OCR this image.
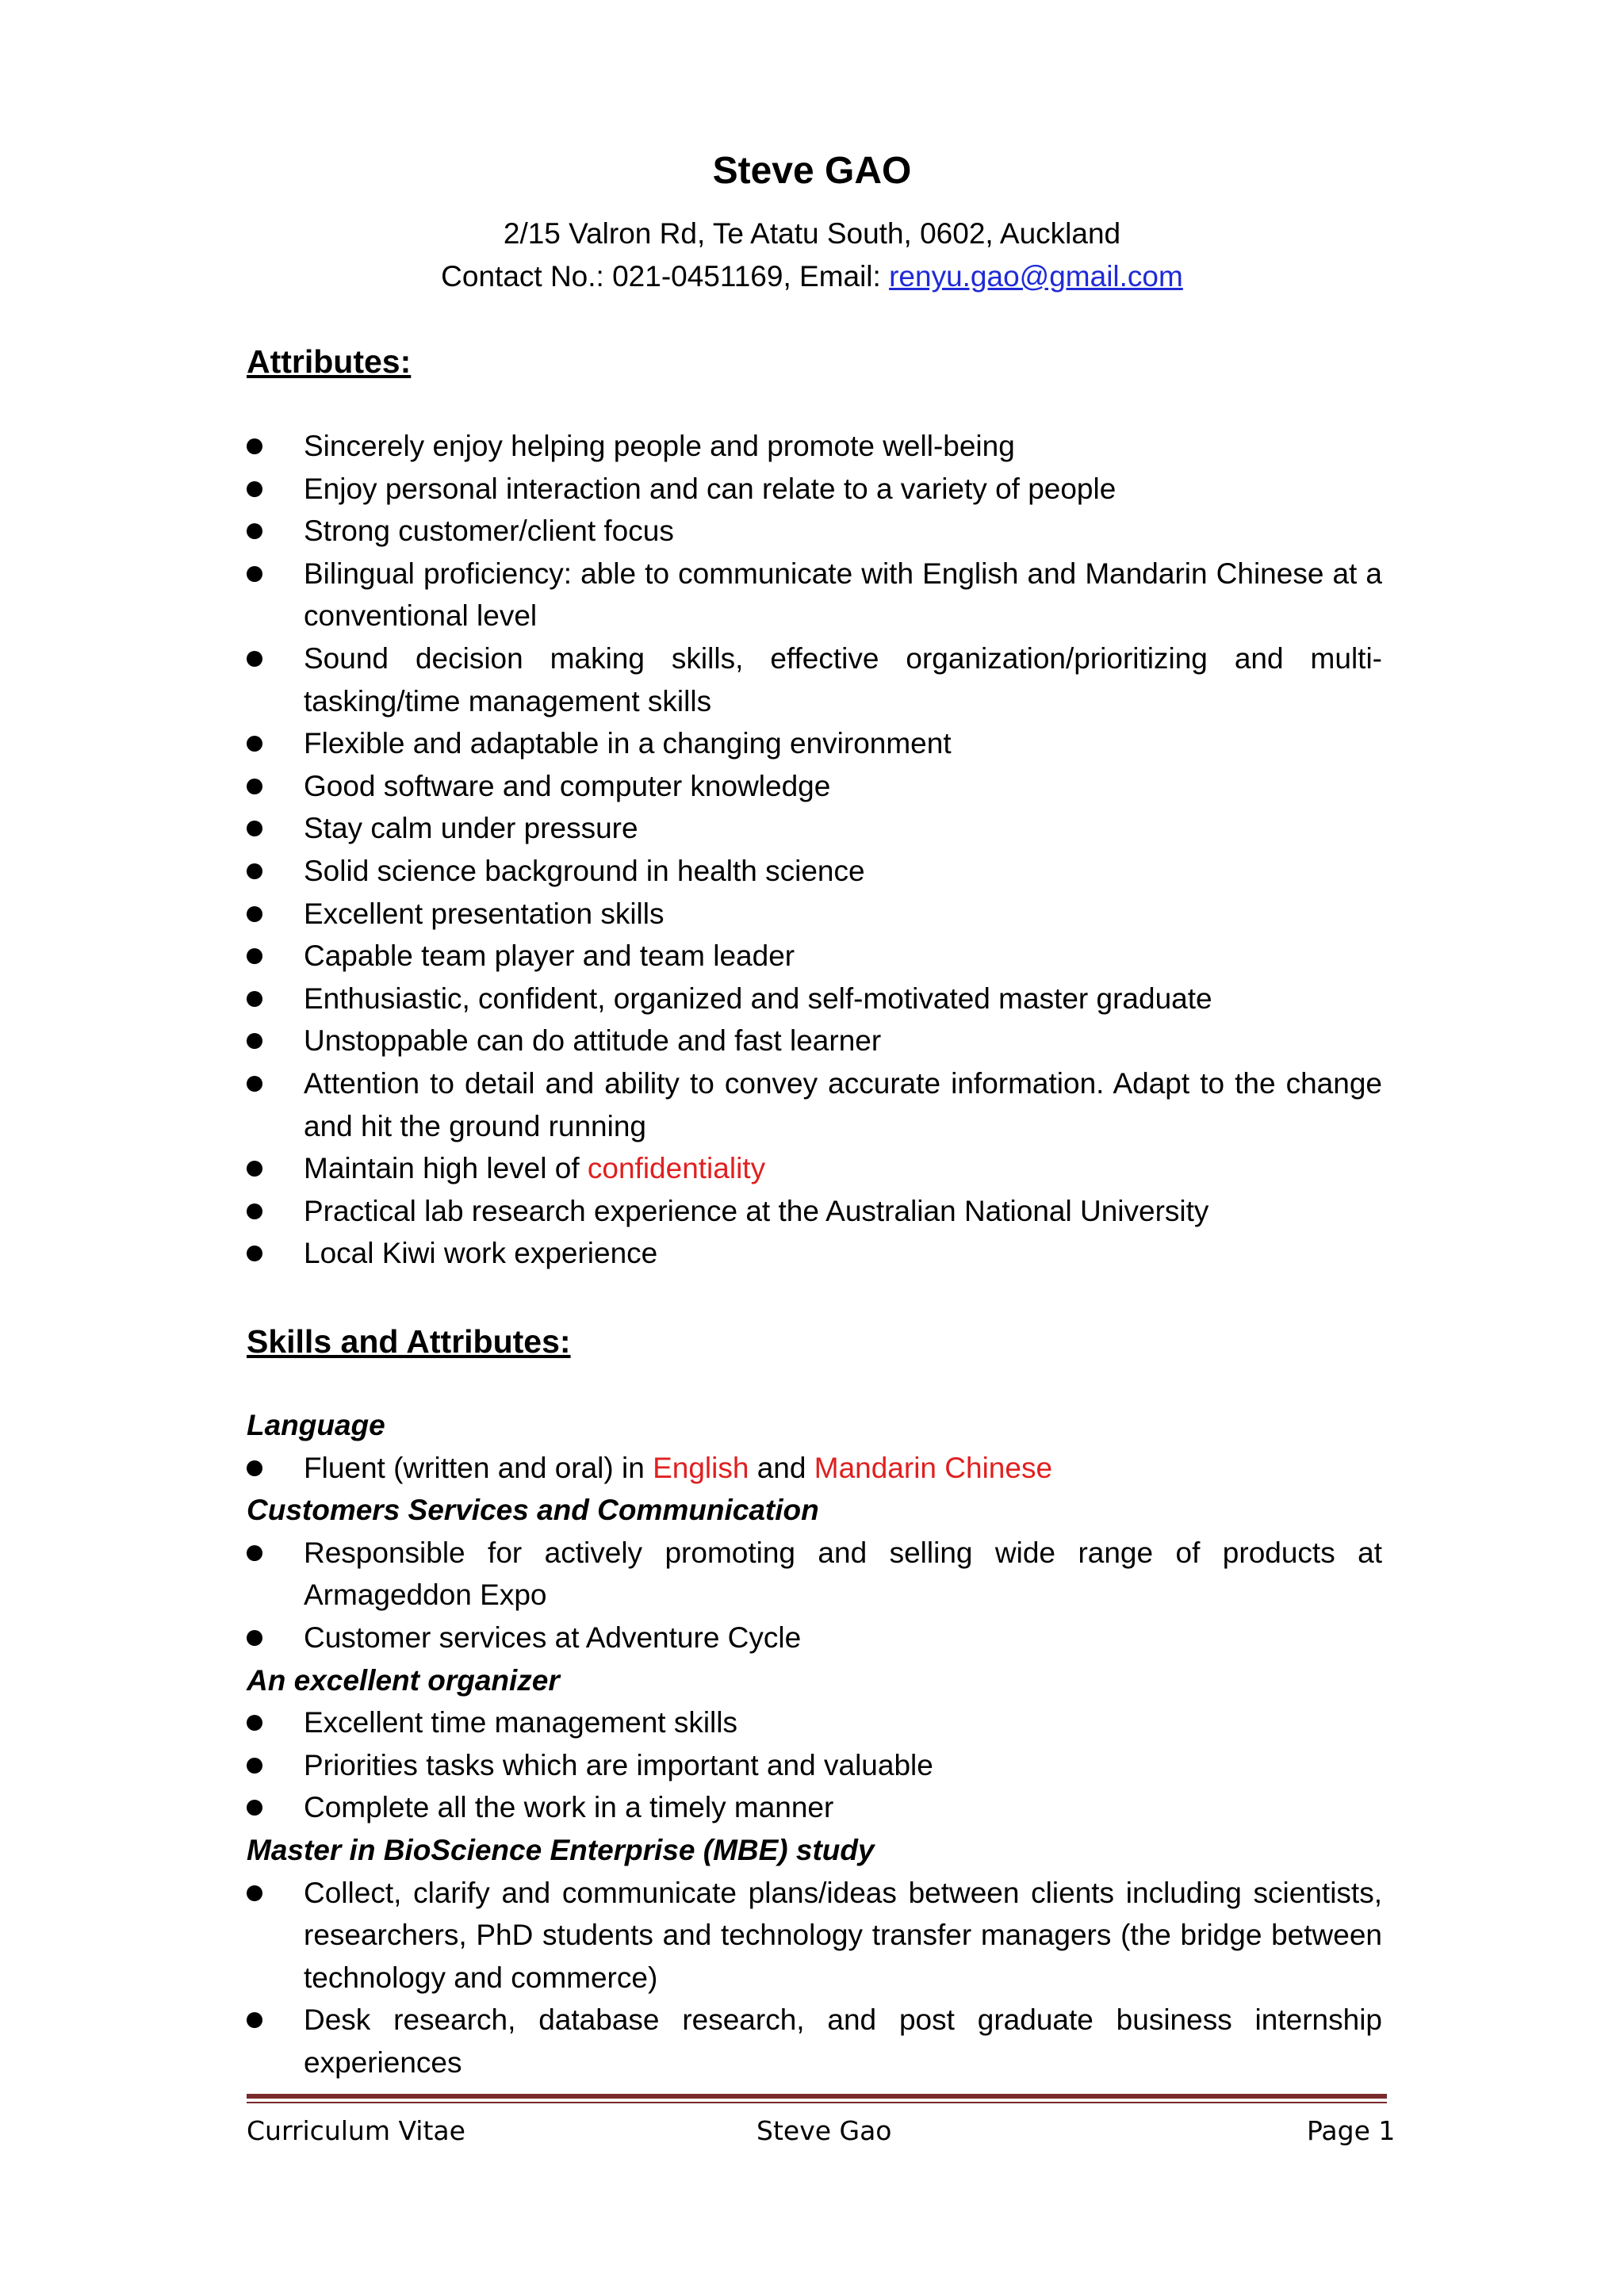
Steve GAO
2/15 Valron Rd, Te Atatu South, 0602, Auckland
Contact No.: 021-0451169, Email: renyu.gao@gmail.com
Attributes:
Sincerely enjoy helping people and promote well-being
Enjoy personal interaction and can relate to a variety of people
Strong customer/client focus
Bilingual proficiency: able to communicate with English and Mandarin Chinese at a conventional level
Sound decision making skills, effective organization/prioritizing and multi-tasking/time management skills
Flexible and adaptable in a changing environment
Good software and computer knowledge
Stay calm under pressure
Solid science background in health science
Excellent presentation skills
Capable team player and team leader
Enthusiastic, confident, organized and self-motivated master graduate
Unstoppable can do attitude and fast learner
Attention to detail and ability to convey accurate information. Adapt to the change and hit the ground running
Maintain high level of confidentiality
Practical lab research experience at the Australian National University
Local Kiwi work experience
Skills and Attributes:
Language
Fluent (written and oral) in English and Mandarin Chinese
Customers Services and Communication
Responsible for actively promoting and selling wide range of products at Armageddon Expo
Customer services at Adventure Cycle
An excellent organizer
Excellent time management skills
Priorities tasks which are important and valuable
Complete all the work in a timely manner
Master in BioScience Enterprise (MBE) study
Collect, clarify and communicate plans/ideas between clients including scientists, researchers, PhD students and technology transfer managers (the bridge between technology and commerce)
Desk research, database research, and post graduate business internship experiences
Curriculum Vitae	Steve Gao	Page 1
